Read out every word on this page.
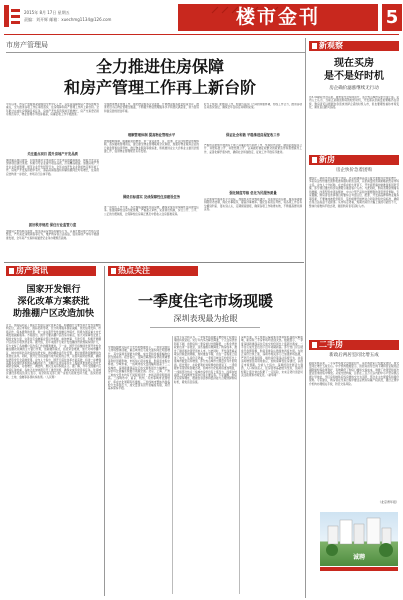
2015年 8月 17日 星期五
责编：刘开辉 邮箱：xuechmg1134@126.com	楼市金刊	5
市房产管理局
全力推进住房保障
和房产管理工作再上新台阶
今年以来，市房产管理局紧紧围绕全市中心工作，以住房保障和房产市场管理为重点，全力推进各项工作任务的落实，住房保障和房产管理工作再上新台阶。全年累计完成住房保障目标任务，房地产开发投资保持平稳增长，房产交易登记秩序规范有序，物业管理水平稳步提高，房屋征收工作平稳推进。
关注重点项目 提升房地产开发品质
围绕重点项目建设，切实加强对全市房地产开发项目的跟踪服务，督促开发企业加快项目建设进度。积极引导企业提升项目品质，打造精品楼盘。加强房地产开发企业资质管理，规范企业开发经营行为，全年完成开发企业资质核定和年检工作，房地产开发投资稳中有升，商品房销售面积和销售额同比均有增长，住房供应结构进一步优化，市场运行总体平稳。
抓好秩序规范 保住行业监管力度
加强房产市场秩序监管，规范商品房预售和销售行为，认真开展房地产市场专项整治，严厉查处违规销售等行为，维护购房者合法权益，促进房地产市场平稳健康发展，全年房产交易和权属登记业务办理规范高效。
全面推进物业管理工作，强化物业服务企业监管，开展物业服务质量检查考评，推进老旧小区物业管理全覆盖，不断提升物业管理服务水平和居民满意度，努力营造和谐宜居的居住环境。
理顺管理体制 提高物业管理水平
按照理顺体制、明确职责的要求，进一步完善市、区、街道、社区四级物业管理体制，落实属地管理责任，建立健全物业管理联席会议制度，加强对物业服务企业的日常监管和信用考核，推行物业服务等级标准，积极推进业主大会和业主委员会组建工作，促进物业管理规范有序发展。
围绕目标落实 完成保障性住房建设任务
进一步加大工作力度，多方筹集保障性住房房源，确保完成年度保障性住房建设任务。加强保障性住房分配管理，严格准入审核，完善退出机制，实行公开、公平、公正的分配制度，让保障性住房真正惠及中低收入住房困难家庭。
好与上级部门的衔接工作，加强与各部门之间的沟通协调，形成工作合力，推进各项任务落实到位，确保全年目标任务顺利完成。
保证社会和谐 平稳推进房屋征收工作
严格依法依规开展国有土地上房屋征收与补偿工作，坚持阳光征收，做到征收程序公开、补偿标准公开、补偿结果公开，认真做好被征收群众的政策宣传和思想疏导工作，妥善化解矛盾纠纷，确保社会和谐稳定，征收工作平稳有序推进。
强化制度考核 优化为民服务质量
以全面提升服务水平为目标，加强机关作风效能建设，完善岗位责任制、服务承诺制和限时办结制，简化办事程序，提高办事效率。强化目标责任考核，将各项工作任务分解到科室、落实到人头，定期督查通报，确保各项工作取得实效，不断提高群众满意度。
新观察
现在买房
是不是好时机
房企确价滤涨继续无行动
自3·30新政出台以来，楼市成交量持续回升，部分热点城市房价出现上涨。业内人士认为，当前正是刚需购房的较好时机，开发商以价换量的策略仍在延续，购房者可以根据自身需求选择合适的时机入市，但也要理性看待市场变化，避免盲目跟风追涨。
新房
房企快价急着团购
据统计，新政出台后的首个季度，北京新建商品住宅成交套数环比明显增长，多家房企纷纷推出团购优惠和限时折扣活动，以价换量的营销策略依然是市场主流。业内人士分析称，在去库存的大背景下，开发商普遍加快推盘和回款节奏，部分项目推出特价房源吸引刚需客户入市。与此同时，购房者观望情绪有所缓解，改善型需求逐步释放，中小户型产品和交通便利的项目更受青睐。专家提醒，购房者在选择项目时要综合考虑区位、配套、开发商品牌和物业服务等因素，不要单纯被低价吸引，签约前要仔细核对合同条款和交房标准，确保自身合法权益不受损害。从市场走势看，短期内房价大幅上涨的可能性不大，整体仍将维持平稳态势，刚需购房者可适时入市。
二手房
新政后两居室同比增五成
新政实施以来，二手房市场成交量明显回升，其中两居室户型最受欢迎，成交量同比增长五成左右。中介机构数据显示，首套房首付比例下调和营业税免征期限缩短等政策利好，有效降低了购房门槛和交易成本，刺激了改善型和首次置业需求的集中释放。从成交结构看，总价在三百万元以内的中小户型房源占据主导地位，学区房和地铁沿线房源成交尤为活跃，部分业主出现惜售和提价现象。专家建议，购房者在交易过程中要注意核实房屋产权状况，通过正规中介机构办理相关手续，防范交易风险。
（北京青年报）
诚聘
房产资讯
国家开发银行
深化改革方案获批
助推棚户区改造加快
近日，国务院同意了国家开发银行深化改革方案，明确国开行要坚持开发性金融机构定位，适应市场化、国际化新形势，充分利用服务国家战略、依托信用支持、市场运作、保本微利的优势，进一步完善开发性金融运作模式，积极为国家重大中长期发展战略服务。方案提出，国开行要以棚户区改造为重点，加大对保障性安居工程的支持力度，完善住宅金融事业部运作机制，单独核算，专款专用，积极开展棚户区改造专项贷款业务。据介绍，近年来国开行累计发放棚改贷款规模持续扩大，有力支持了各地棚户区改造工作的顺利推进。下一步，国开行将继续发挥开发性金融在棚改领域的主力银行作用，创新融资模式，拓宽资金渠道，加大对城市棚户区、城中村和危房改造的信贷支持，推动棚改货币化安置，更好地帮助困难群众改善居住条件。同时，国开行还将加强与地方政府的合作，完善风险防控机制，确保信贷资金安全高效使用。业内人士指出，国开行深化改革方案获批，将进一步增强其服务实体经济和国家战略的能力，为棚户区改造等民生工程提供更加稳定的中长期资金保障，对稳增长、调结构、惠民生具有积极意义。据了解，今年全国棚户区改造任务较重，各地正在加快项目开工建设进度，确保完成年度目标任务。住房城乡建设部相关负责人表示，将会同有关部门进一步加大政策支持力度，落实好财政、土地、金融等各项扶持政策。（人民网）
热点关注
一季度住宅市场现暖
深圳表现最为抢眼
中国指数研究院近日发布的数据显示，一季度全国住宅市场整体回暖，重点城市住宅成交面积同比明显增长，其中深圳表现最为抢眼，成交量和价格涨幅均位居全国前列。报告指出，受降息降准和房贷政策调整等利好因素影响，市场信心逐步恢复，购房需求集中释放。分城市看，一线城市成交量涨幅明显高于二三线城市，深圳新建商品住宅成交面积同比大幅增长，房价环比涨幅连续数月领跑全国。北京、上海、广州三地成交量也均有不同程度回升，市场活跃度明显提高。二线城市中，南京、杭州、苏州等城市表现较好，库存去化周期有所缩短。三四线城市整体仍面临较大去库存压力，成交量虽有回升但幅度有限，房价基本保持平稳。
业内专家分析认为，一季度市场回暖主要得益于政策环境的持续宽松。央行年内多次降息降准，个人住房贷款利率下调，首套房和二套房首付比例降低，公积金贷款政策也进一步放宽，这些措施有效降低了购房成本，激发了刚需和改善型需求入市。与此同时，开发商普遍采取以价换量的策略，加快推盘节奏，也在一定程度上促进了成交。从房价走势看，一季度百城住宅均价环比上涨城市数量有所增加，部分热点城市出现量价齐升的局面。报告预计，在政策利好持续释放的背景下，二季度楼市有望延续回暖态势，但城市分化格局将更加明显，一线和部分热点二线城市房价仍有上涨压力，而库存较高的三四线城市去库存仍是主要任务。专家提醒，购房者应保持理性，根据自身需求和经济能力合理选择购房时机，避免盲目追涨。
深圳方面，受土地供应偏紧和需求持续旺盛的双重影响，新房和二手房市场均表现火热。数据显示，一季度深圳新建商品住宅成交均价同比上涨超过两成，二手住宅成交量也创下近年同期新高。部分热门片区楼盘开盘即售罄，购房者排队认购现象再度出现。为防止房价过快上涨，深圳市相关部门已加强市场监测，严厉打击捂盘惜售、哄抬房价等违法违规行为，并将适时增加住房用地供应，加快保障性住房建设，以稳定市场预期。分析人士指出，深圳经济发展活力强劲，人口持续流入，住房需求基础较为坚实，但房价短期上涨过快也积累了一定风险，未来走势仍需密切关注政策和市场变化。（新华网）
